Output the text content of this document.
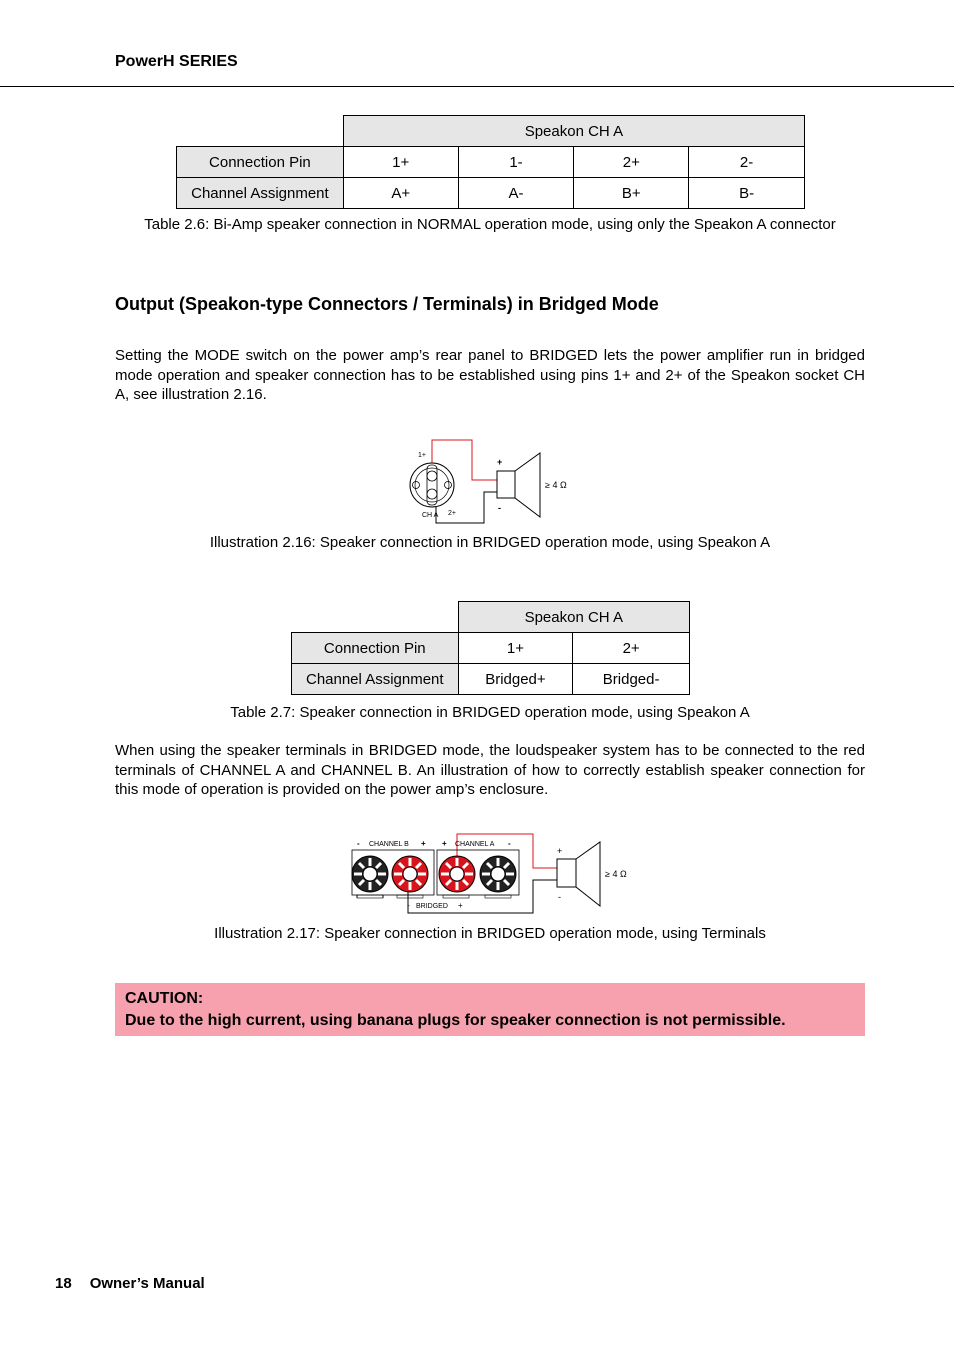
PowerH SERIES
	Speakon CH A			
Connection Pin	1+	1-	2+	2-
Channel Assignment	A+	A-	B+	B-
Table 2.6: Bi-Amp speaker connection in NORMAL operation mode, using only the Speakon A connector
Output (Speakon-type Connectors / Terminals) in Bridged Mode
Setting the MODE switch on the power amp’s rear panel to BRIDGED lets the power amplifier run in bridged mode operation and speaker connection has to be established using pins 1+ and 2+ of the Speakon socket CH A, see illustration 2.16.
1+
2+
CH A
+
-
≥ 4 Ω
Illustration 2.16: Speaker connection in BRIDGED operation mode, using Speakon A
	Speakon CH A	
Connection Pin	1+	2+
Channel Assignment	Bridged+	Bridged-
Table 2.7: Speaker connection in BRIDGED operation mode, using Speakon A
When using the speaker terminals in BRIDGED mode, the loudspeaker system has to be connected to the red terminals of CHANNEL A and CHANNEL B. An illustration of how to correctly establish speaker connection for this mode of operation is provided on the power amp’s enclosure.
- CHANNEL B + + CHANNEL A -
- BRIDGED +
+
-
≥ 4 Ω
Illustration 2.17: Speaker connection in BRIDGED operation mode, using Terminals
CAUTION:
Due to the high current, using banana plugs for speaker connection is not permissible.
18 Owner’s Manual
